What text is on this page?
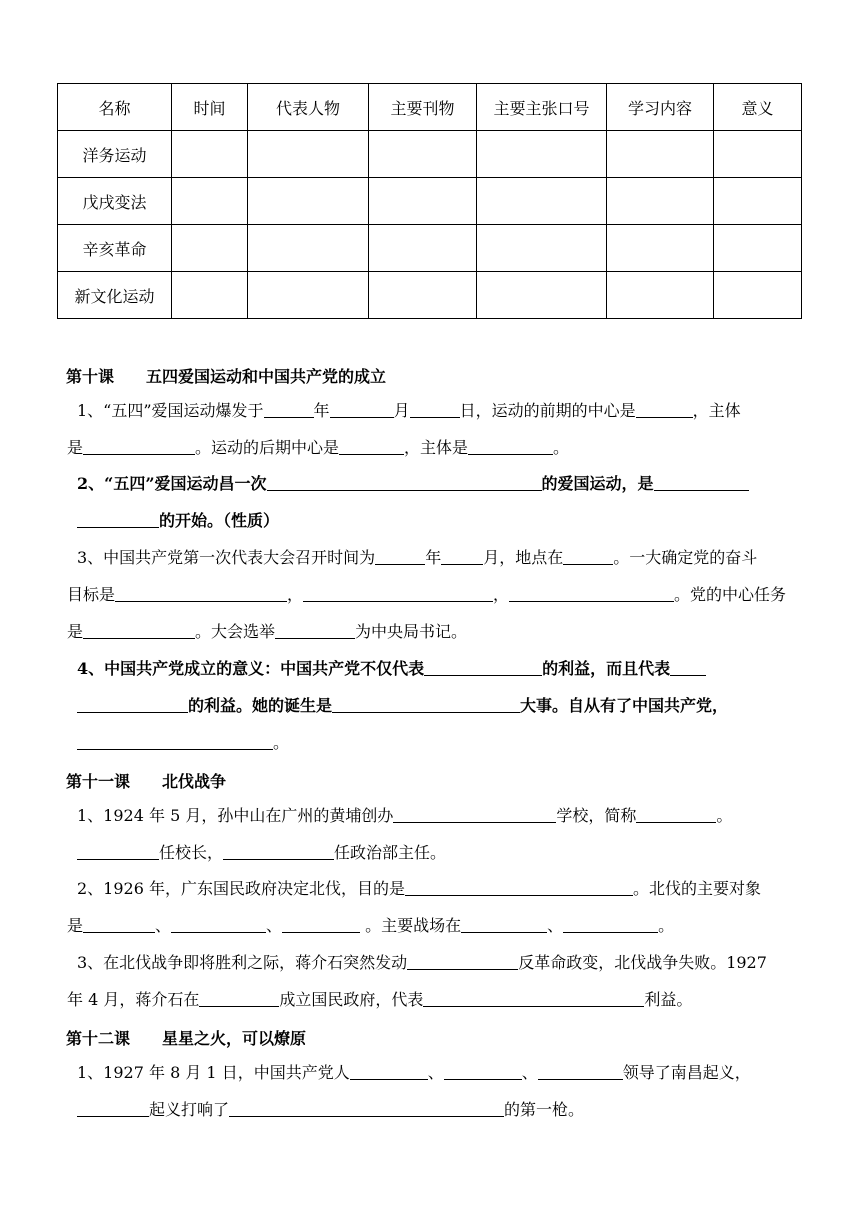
名称	时间	代表人物	主要刊物	主要主张口号	学习内容	意义
洋务运动						
戊戌变法						
辛亥革命						
新文化运动						
第十课 五四爱国运动和中国共产党的成立
1、“五四”爱国运动爆发于	年	月	日，运动的前期的中心是	，主体
是	。运动的后期中心是	，主体是	。
2、“五四”爱国运动昌一次	的爱国运动，是
的开始。（性质）
3、中国共产党第一次代表大会召开时间为	年	月，地点在	。一大确定党的奋斗
目标是	，	，	。党的中心任务
是	。大会选举	为中央局书记。
4、中国共产党成立的意义：中国共产党不仅代表	的利益，而且代表
的利益。她的诞生是	大事。自从有了中国共产党，
。
第十一课 北伐战争
1、1924 年 5 月，孙中山在广州的黄埔创办	学校，简称	。
任校长，	任政治部主任。
2、1926 年，广东国民政府决定北伐，目的是	。北伐的主要对象
是	、	、	。主要战场在	、	。
3、在北伐战争即将胜利之际，蒋介石突然发动	反革命政变，北伐战争失败。1927
年 4 月，蒋介石在	成立国民政府，代表	利益。
第十二课 星星之火，可以燎原
1、1927 年 8 月 1 日，中国共产党人	、	、	领导了南昌起义，
起义打响了	的第一枪。
